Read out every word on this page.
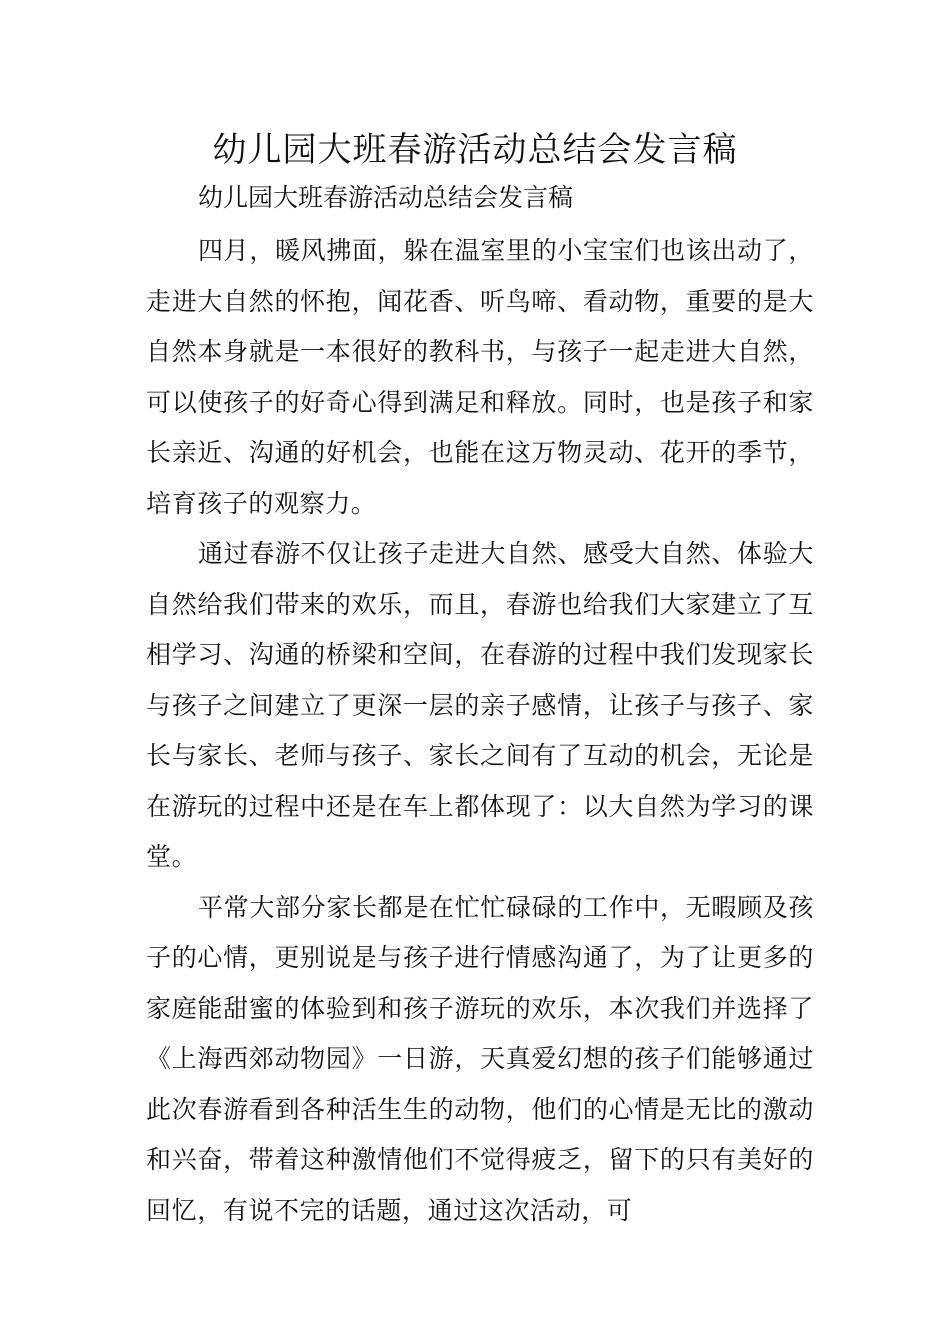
幼儿园大班春游活动总结会发言稿

幼儿园大班春游活动总结会发言稿

四月，暖风拂面，躲在温室里的小宝宝们也该出动了，走进大自然的怀抱，闻花香、听鸟啼、看动物，重要的是大自然本身就是一本很好的教科书，与孩子一起走进大自然，可以使孩子的好奇心得到满足和释放。同时，也是孩子和家长亲近、沟通的好机会，也能在这万物灵动、花开的季节，培育孩子的观察力。

通过春游不仅让孩子走进大自然、感受大自然、体验大自然给我们带来的欢乐，而且，春游也给我们大家建立了互相学习、沟通的桥梁和空间，在春游的过程中我们发现家长与孩子之间建立了更深一层的亲子感情，让孩子与孩子、家长与家长、老师与孩子、家长之间有了互动的机会，无论是在游玩的过程中还是在车上都体现了：以大自然为学习的课堂。

平常大部分家长都是在忙忙碌碌的工作中，无暇顾及孩子的心情，更别说是与孩子进行情感沟通了，为了让更多的家庭能甜蜜的体验到和孩子游玩的欢乐，本次我们并选择了《上海西郊动物园》一日游，天真爱幻想的孩子们能够通过此次春游看到各种活生生的动物，他们的心情是无比的激动和兴奋，带着这种激情他们不觉得疲乏，留下的只有美好的回忆，有说不完的话题，通过这次活动，可
